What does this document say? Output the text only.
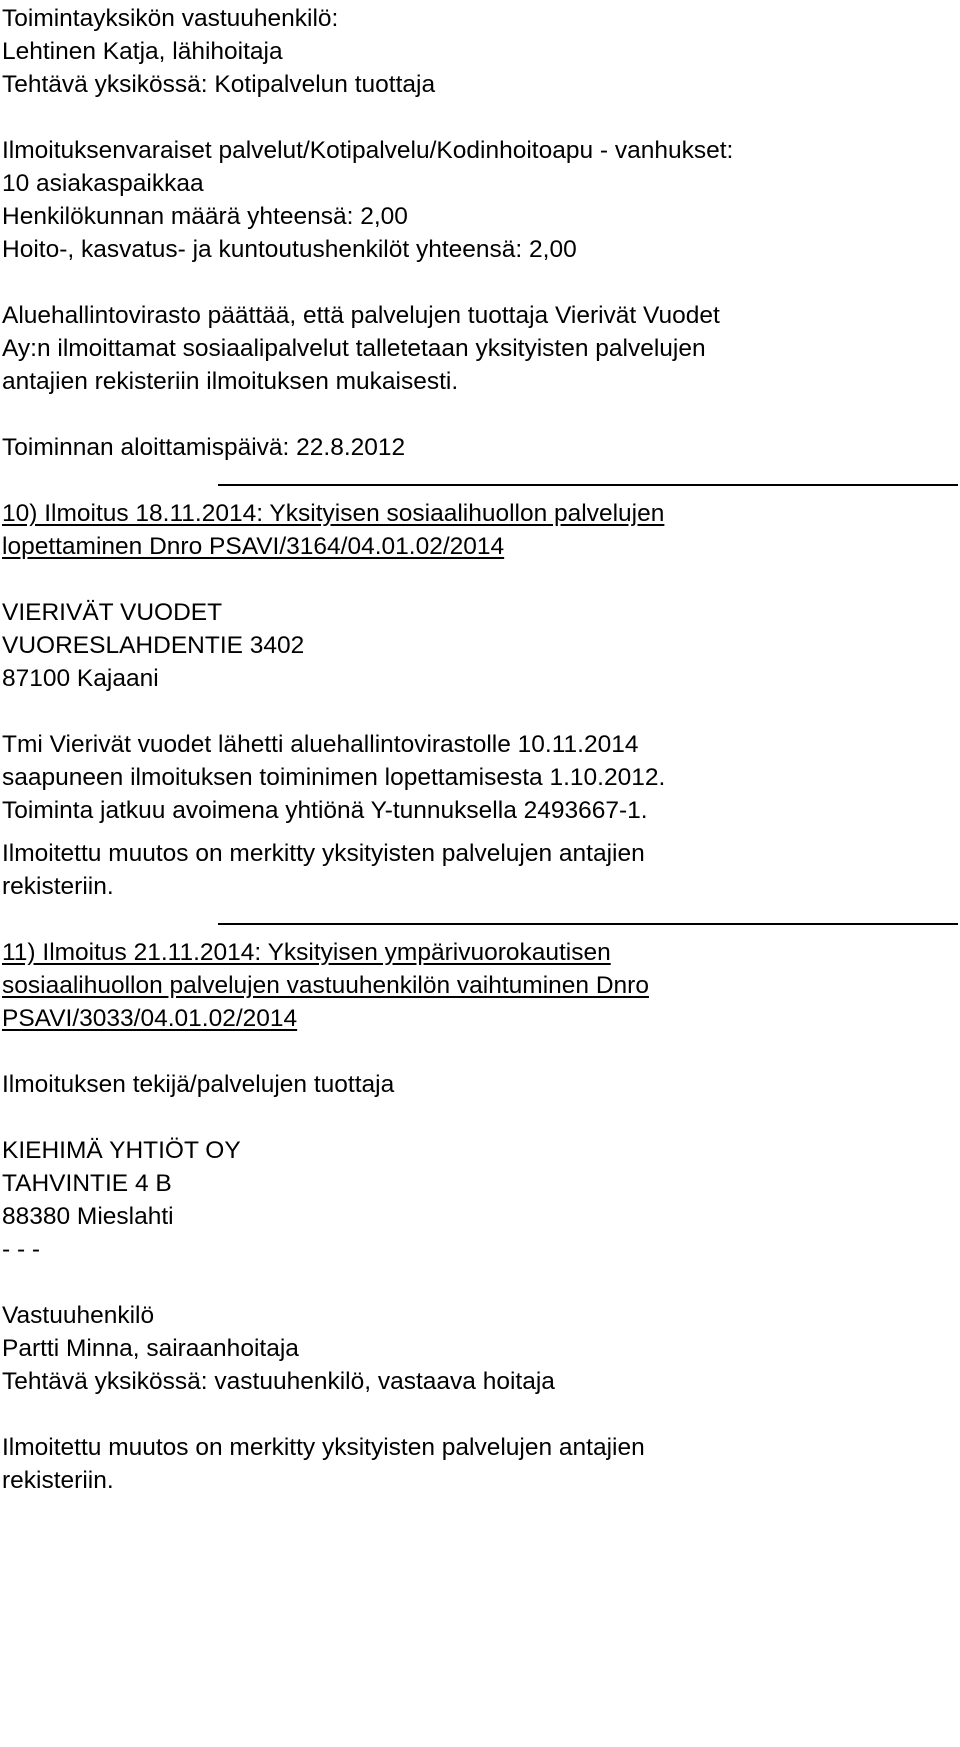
Toimintayksikön vastuuhenkilö:
Lehtinen Katja, lähihoitaja
Tehtävä yksikössä: Kotipalvelun tuottaja
Ilmoituksenvaraiset palvelut/Kotipalvelu/Kodinhoitoapu - vanhukset:
10 asiakaspaikkaa
Henkilökunnan määrä yhteensä: 2,00
Hoito-, kasvatus- ja kuntoutushenkilöt yhteensä: 2,00
Aluehallintovirasto päättää, että palvelujen tuottaja Vierivät Vuodet
Ay:n ilmoittamat sosiaalipalvelut talletetaan yksityisten palvelujen
antajien rekisteriin ilmoituksen mukaisesti.
Toiminnan aloittamispäivä: 22.8.2012
10) Ilmoitus 18.11.2014: Yksityisen sosiaalihuollon palvelujen
lopettaminen Dnro PSAVI/3164/04.01.02/2014
VIERIVÄT VUODET
VUORESLAHDENTIE 3402
87100 Kajaani
Tmi Vierivät vuodet lähetti aluehallintovirastolle 10.11.2014
saapuneen ilmoituksen toiminimen lopettamisesta 1.10.2012.
Toiminta jatkuu avoimena yhtiönä Y-tunnuksella 2493667-1.
Ilmoitettu muutos on merkitty yksityisten palvelujen antajien
rekisteriin.
11) Ilmoitus 21.11.2014: Yksityisen ympärivuorokautisen
sosiaalihuollon palvelujen vastuuhenkilön vaihtuminen Dnro
PSAVI/3033/04.01.02/2014
Ilmoituksen tekijä/palvelujen tuottaja
KIEHIMÄ YHTIÖT OY
TAHVINTIE 4 B
88380 Mieslahti
- - -
Vastuuhenkilö
Partti Minna, sairaanhoitaja
Tehtävä yksikössä: vastuuhenkilö, vastaava hoitaja
Ilmoitettu muutos on merkitty yksityisten palvelujen antajien
rekisteriin.
